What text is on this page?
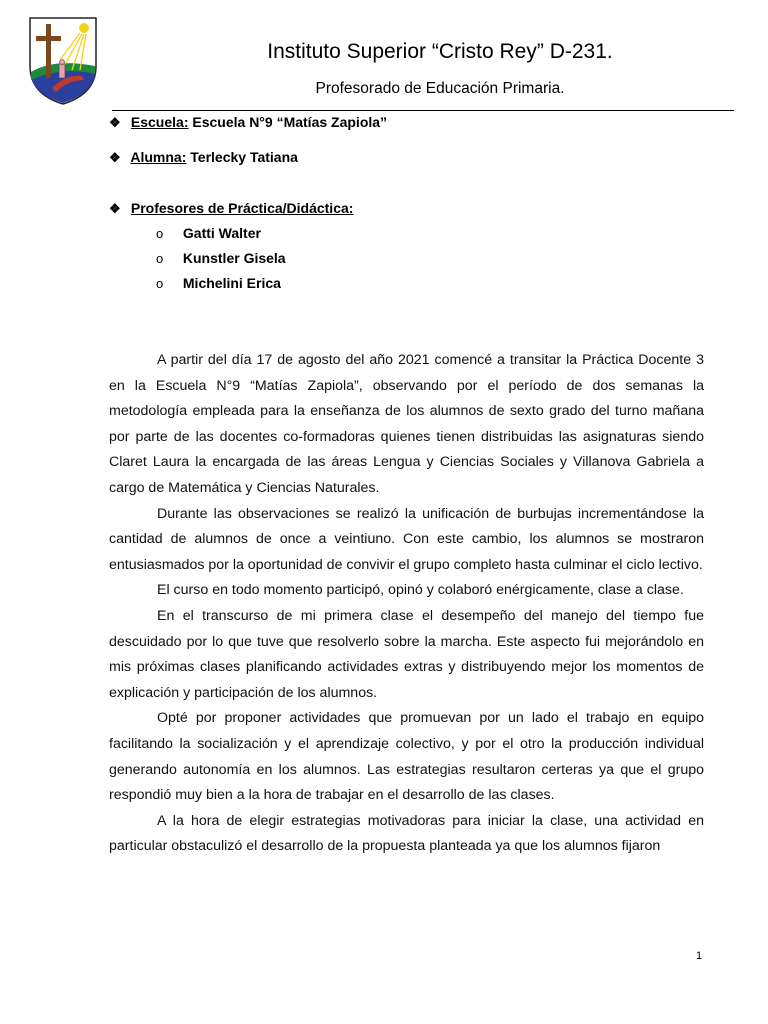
Instituto Superior “Cristo Rey” D-231.
Profesorado de Educación Primaria.
❖ Escuela: Escuela N°9 “Matías Zapiola”
❖ Alumna: Terlecky Tatiana
❖ Profesores de Práctica/Didáctica:
o Gatti Walter
o Kunstler Gisela
o Michelini Erica

A partir del día 17 de agosto del año 2021 comencé a transitar la Práctica Docente 3 en la Escuela N°9 “Matías Zapiola”, observando por el período de dos semanas la metodología empleada para la enseñanza de los alumnos de sexto grado del turno mañana por parte de las docentes co-formadoras quienes tienen distribuidas las asignaturas siendo Claret Laura la encargada de las áreas Lengua y Ciencias Sociales y Villanova Gabriela a cargo de Matemática y Ciencias Naturales.

Durante las observaciones se realizó la unificación de burbujas incrementándose la cantidad de alumnos de once a veintiuno. Con este cambio, los alumnos se mostraron entusiasmados por la oportunidad de convivir el grupo completo hasta culminar el ciclo lectivo.

El curso en todo momento participó, opinó y colaboró enérgicamente, clase a clase.

En el transcurso de mi primera clase el desempeño del manejo del tiempo fue descuidado por lo que tuve que resolverlo sobre la marcha. Este aspecto fui mejorándolo en mis próximas clases planificando actividades extras y distribuyendo mejor los momentos de explicación y participación de los alumnos.

Opté por proponer actividades que promuevan por un lado el trabajo en equipo facilitando la socialización y el aprendizaje colectivo, y por el otro la producción individual generando autonomía en los alumnos. Las estrategias resultaron certeras ya que el grupo respondió muy bien a la hora de trabajar en el desarrollo de las clases.

A la hora de elegir estrategias motivadoras para iniciar la clase, una actividad en particular obstaculizó el desarrollo de la propuesta planteada ya que los alumnos fijaron

1
